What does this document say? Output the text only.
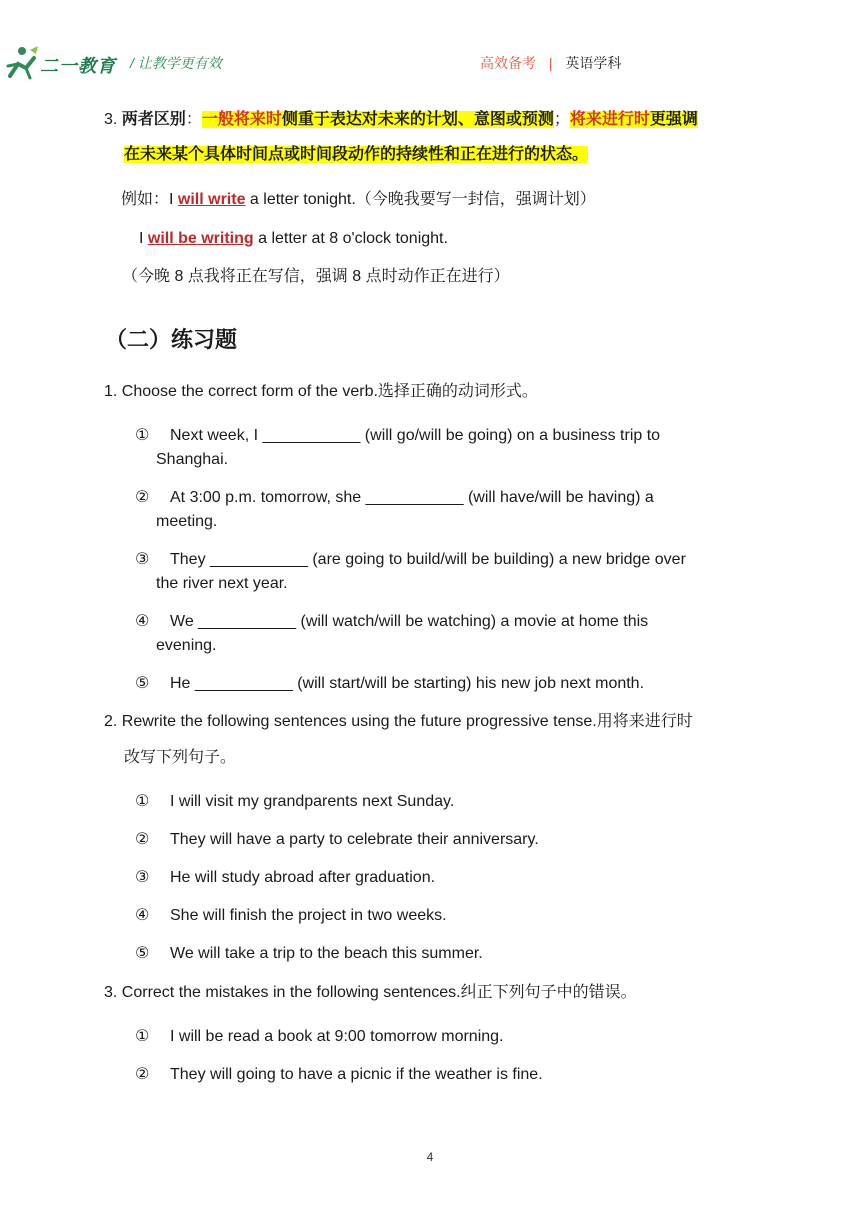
二一教育 / 让教学更有效	高效备考 | 英语学科
3. 两者区别：一般将来时侧重于表达对未来的计划、意图或预测；将来进行时更强调
在未来某个具体时间点或时间段动作的持续性和正在进行的状态。
例如：I will write a letter tonight.（今晚我要写一封信，强调计划）
I will be writing a letter at 8 o'clock tonight.
（今晚 8 点我将正在写信，强调 8 点时动作正在进行）
（二）练习题
1. Choose the correct form of the verb.选择正确的动词形式。
① Next week, I ___________ (will go/will be going) on a business trip to
Shanghai.
② At 3:00 p.m. tomorrow, she ___________ (will have/will be having) a
meeting.
③ They ___________ (are going to build/will be building) a new bridge over
the river next year.
④ We ___________ (will watch/will be watching) a movie at home this
evening.
⑤ He ___________ (will start/will be starting) his new job next month.
2. Rewrite the following sentences using the future progressive tense.用将来进行时
改写下列句子。
① I will visit my grandparents next Sunday.
② They will have a party to celebrate their anniversary.
③ He will study abroad after graduation.
④ She will finish the project in two weeks.
⑤ We will take a trip to the beach this summer.
3. Correct the mistakes in the following sentences.纠正下列句子中的错误。
① I will be read a book at 9:00 tomorrow morning.
② They will going to have a picnic if the weather is fine.
4
